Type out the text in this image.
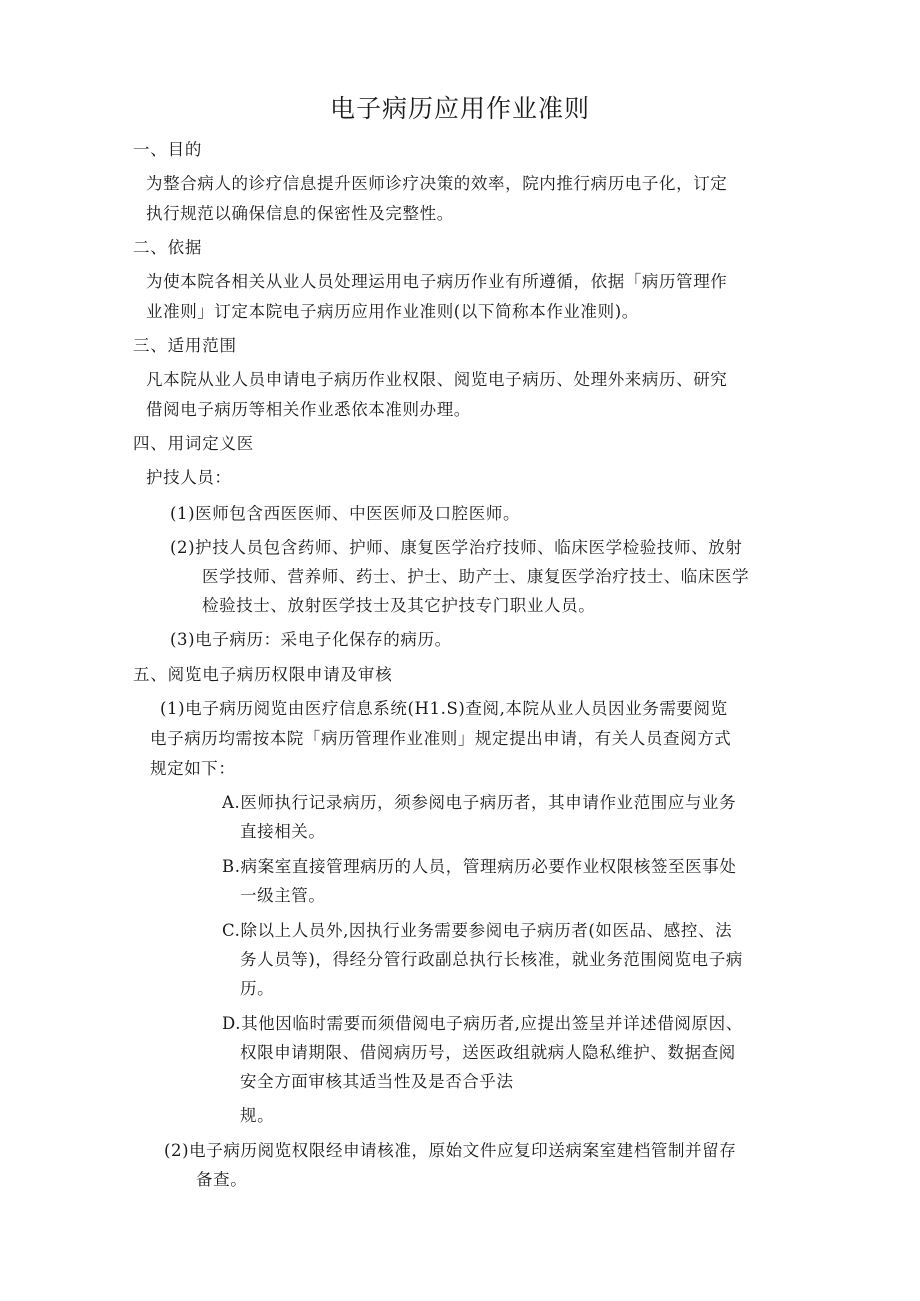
电子病历应用作业准则
一、目的
为整合病人的诊疗信息提升医师诊疗决策的效率，院内推行病历电子化，订定
执行规范以确保信息的保密性及完整性。
二、依据
为使本院各相关从业人员处理运用电子病历作业有所遵循，依据「病历管理作
业准则」订定本院电子病历应用作业准则(以下简称本作业准则)。
三、适用范围
凡本院从业人员申请电子病历作业权限、阅览电子病历、处理外来病历、研究
借阅电子病历等相关作业悉依本准则办理。
四、用词定义医
护技人员：
(1)医师包含西医医师、中医医师及口腔医师。
(2)护技人员包含药师、护师、康复医学治疗技师、临床医学检验技师、放射
医学技师、营养师、药士、护士、助产士、康复医学治疗技士、临床医学
检验技士、放射医学技士及其它护技专门职业人员。
(3)电子病历：采电子化保存的病历。
五、阅览电子病历权限申请及审核
(1)电子病历阅览由医疗信息系统(H1.S)查阅,本院从业人员因业务需要阅览
电子病历均需按本院「病历管理作业准则」规定提出申请，有关人员查阅方式
规定如下：
A.医师执行记录病历，须参阅电子病历者，其申请作业范围应与业务
直接相关。
B.病案室直接管理病历的人员，管理病历必要作业权限核签至医事处
一级主管。
C.除以上人员外,因执行业务需要参阅电子病历者(如医品、感控、法
务人员等)，得经分管行政副总执行长核准，就业务范围阅览电子病
历。
D.其他因临时需要而须借阅电子病历者,应提出签呈并详述借阅原因、
权限申请期限、借阅病历号，送医政组就病人隐私维护、数据查阅
安全方面审核其适当性及是否合乎法
规。
(2)电子病历阅览权限经申请核准，原始文件应复印送病案室建档管制并留存
备查。
